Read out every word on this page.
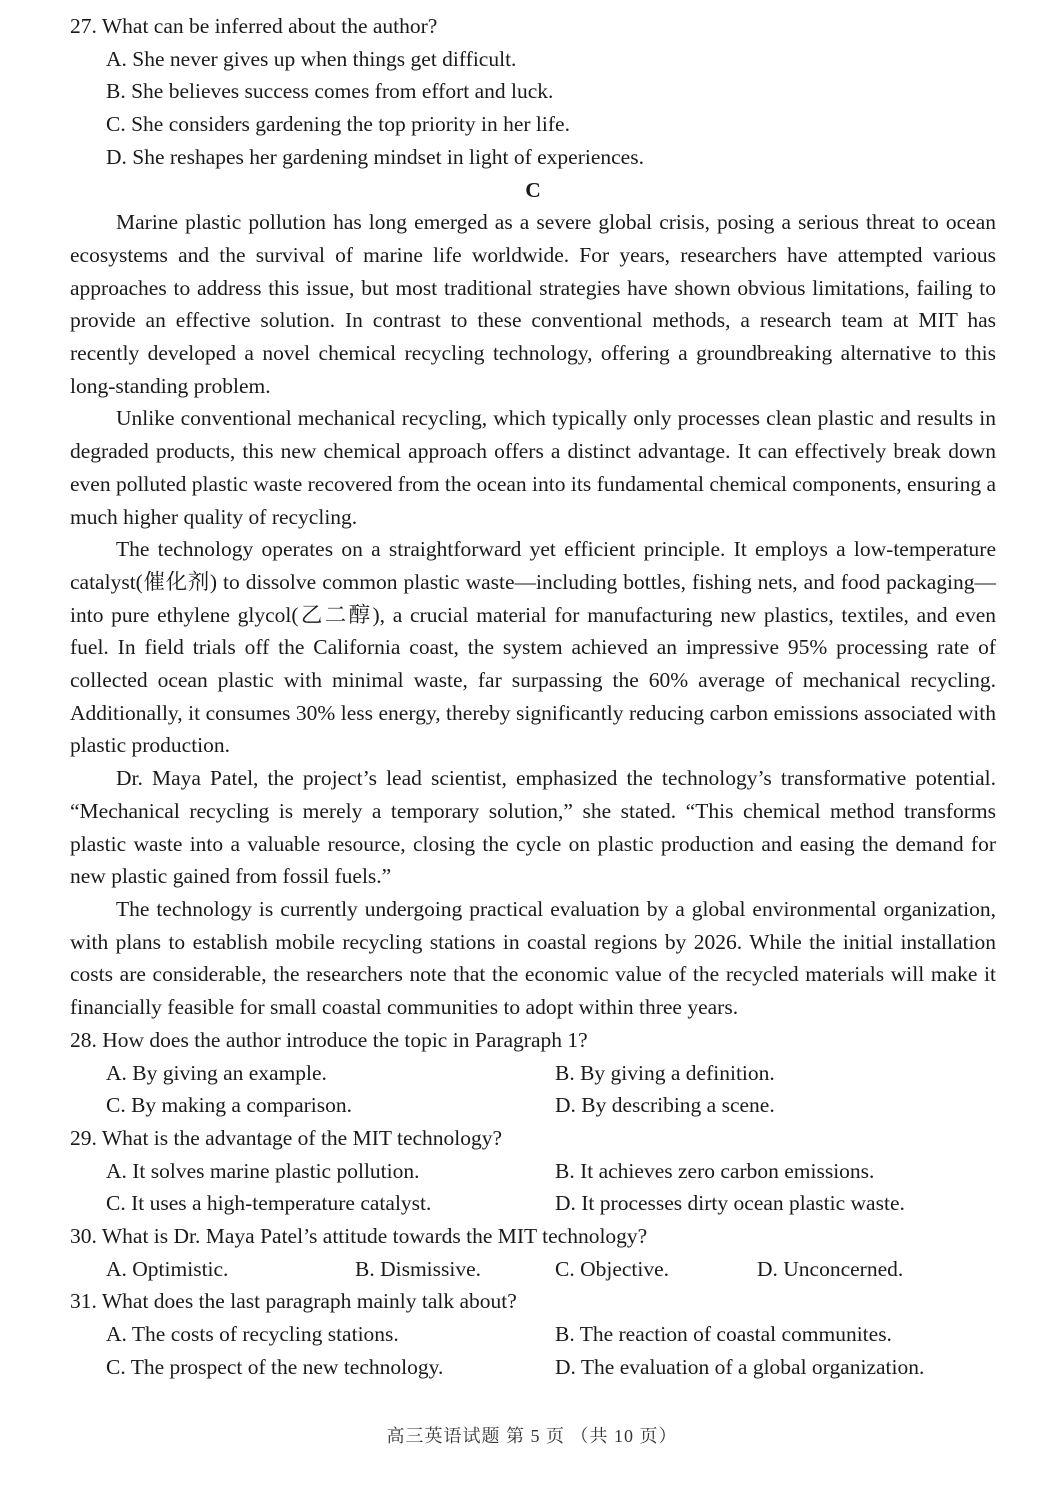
27. What can be inferred about the author?

A. She never gives up when things get difficult.

B. She believes success comes from effort and luck.

C. She considers gardening the top priority in her life.

D. She reshapes her gardening mindset in light of experiences.

C

Marine plastic pollution has long emerged as a severe global crisis, posing a serious threat to ocean ecosystems and the survival of marine life worldwide. For years, researchers have attempted various approaches to address this issue, but most traditional strategies have shown obvious limitations, failing to provide an effective solution. In contrast to these conventional methods, a research team at MIT has recently developed a novel chemical recycling technology, offering a groundbreaking alternative to this long-standing problem.

Unlike conventional mechanical recycling, which typically only processes clean plastic and results in degraded products, this new chemical approach offers a distinct advantage. It can effectively break down even polluted plastic waste recovered from the ocean into its fundamental chemical components, ensuring a much higher quality of recycling.

The technology operates on a straightforward yet efficient principle. It employs a low-temperature catalyst(催化剂) to dissolve common plastic waste—including bottles, fishing nets, and food packaging—into pure ethylene glycol(乙二醇), a crucial material for manufacturing new plastics, textiles, and even fuel. In field trials off the California coast, the system achieved an impressive 95% processing rate of collected ocean plastic with minimal waste, far surpassing the 60% average of mechanical recycling. Additionally, it consumes 30% less energy, thereby significantly reducing carbon emissions associated with plastic production.

Dr. Maya Patel, the project’s lead scientist, emphasized the technology’s transformative potential. “Mechanical recycling is merely a temporary solution,” she stated. “This chemical method transforms plastic waste into a valuable resource, closing the cycle on plastic production and easing the demand for new plastic gained from fossil fuels.”

The technology is currently undergoing practical evaluation by a global environmental organization, with plans to establish mobile recycling stations in coastal regions by 2026. While the initial installation costs are considerable, the researchers note that the economic value of the recycled materials will make it financially feasible for small coastal communities to adopt within three years.

28. How does the author introduce the topic in Paragraph 1?

A. By giving an example.	B. By giving a definition.
C. By making a comparison.	D. By describing a scene.

29. What is the advantage of the MIT technology?

A. It solves marine plastic pollution.	B. It achieves zero carbon emissions.
C. It uses a high-temperature catalyst.	D. It processes dirty ocean plastic waste.

30. What is Dr. Maya Patel’s attitude towards the MIT technology?

A. Optimistic.	B. Dismissive.	C. Objective.	D. Unconcerned.

31. What does the last paragraph mainly talk about?

A. The costs of recycling stations.	B. The reaction of coastal communites.
C. The prospect of the new technology.	D. The evaluation of a global organization.
高三英语试题 第 5 页 （共 10 页）
